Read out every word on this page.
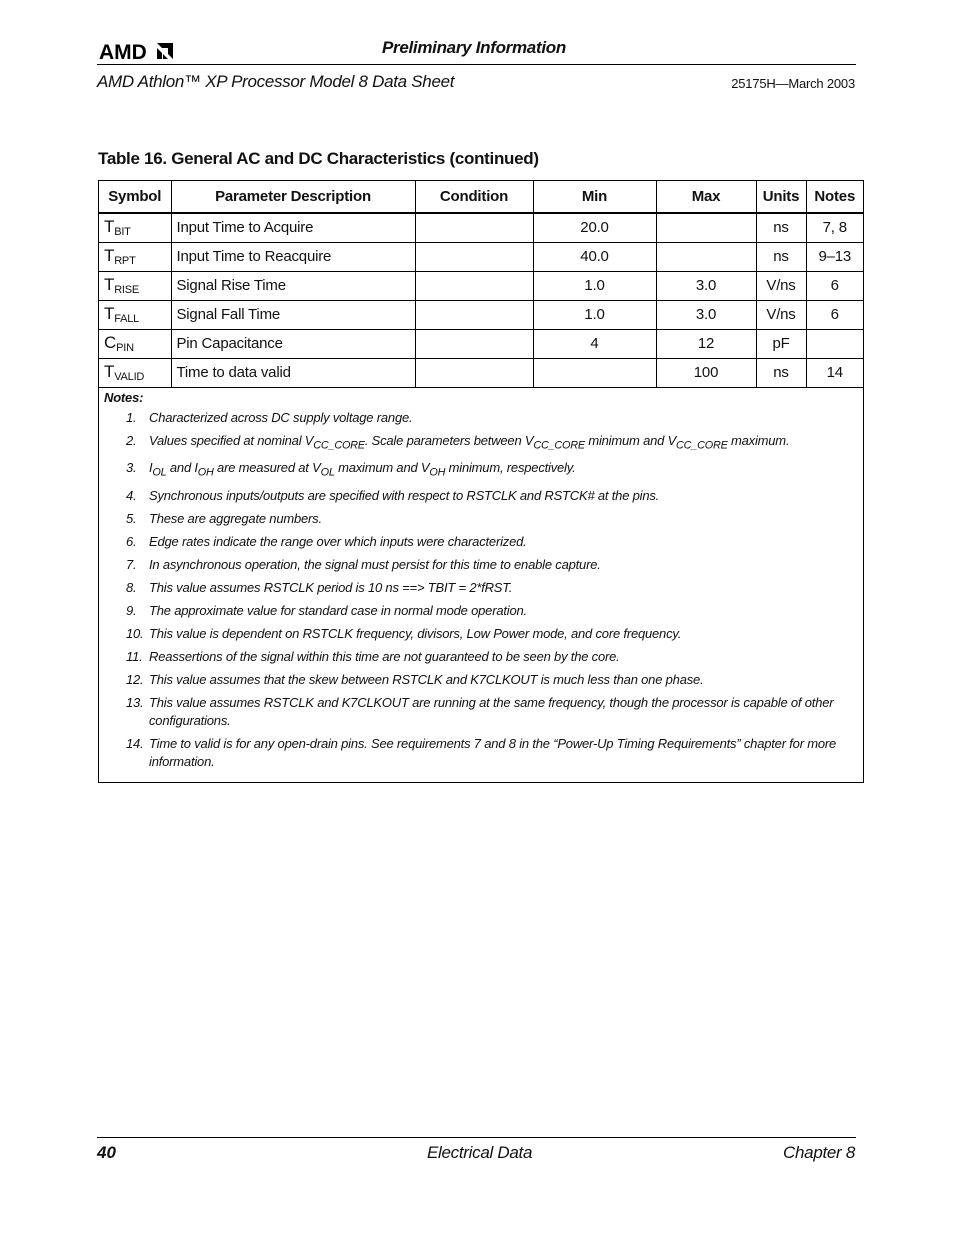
AMD	Preliminary Information
AMD Athlon™ XP Processor Model 8 Data Sheet	25175H—March 2003
Table 16. General AC and DC Characteristics (continued)
Symbol	Parameter Description	Condition	Min	Max	Units	Notes
$T_{BIT}$	Input Time to Acquire		20.0		ns	7, 8
$T_{RPT}$	Input Time to Reacquire		40.0		ns	9–13
$T_{RISE}$	Signal Rise Time		1.0	3.0	V/ns	6
$T_{FALL}$	Signal Fall Time		1.0	3.0	V/ns	6
$C_{PIN}$	Pin Capacitance		4	12	pF	
$T_{VALID}$	Time to data valid			100	ns	14
Notes:
1. Characterized across DC supply voltage range.
2. Values specified at nominal $V_{CC\_CORE}$. Scale parameters between $V_{CC\_CORE}$ minimum and $V_{CC\_CORE}$ maximum.
3. $I_{OL}$ and $I_{OH}$ are measured at $V_{OL}$ maximum and $V_{OH}$ minimum, respectively.
4. Synchronous inputs/outputs are specified with respect to RSTCLK and RSTCK# at the pins.
5. These are aggregate numbers.
6. Edge rates indicate the range over which inputs were characterized.
7. In asynchronous operation, the signal must persist for this time to enable capture.
8. This value assumes RSTCLK period is 10 ns ==> TBIT = 2*fRST.
9. The approximate value for standard case in normal mode operation.
10. This value is dependent on RSTCLK frequency, divisors, Low Power mode, and core frequency.
11. Reassertions of the signal within this time are not guaranteed to be seen by the core.
12. This value assumes that the skew between RSTCLK and K7CLKOUT is much less than one phase.
13. This value assumes RSTCLK and K7CLKOUT are running at the same frequency, though the processor is capable of other configurations.
14. Time to valid is for any open-drain pins. See requirements 7 and 8 in the “Power-Up Timing Requirements” chapter for more information.
40	Electrical Data	Chapter 8
